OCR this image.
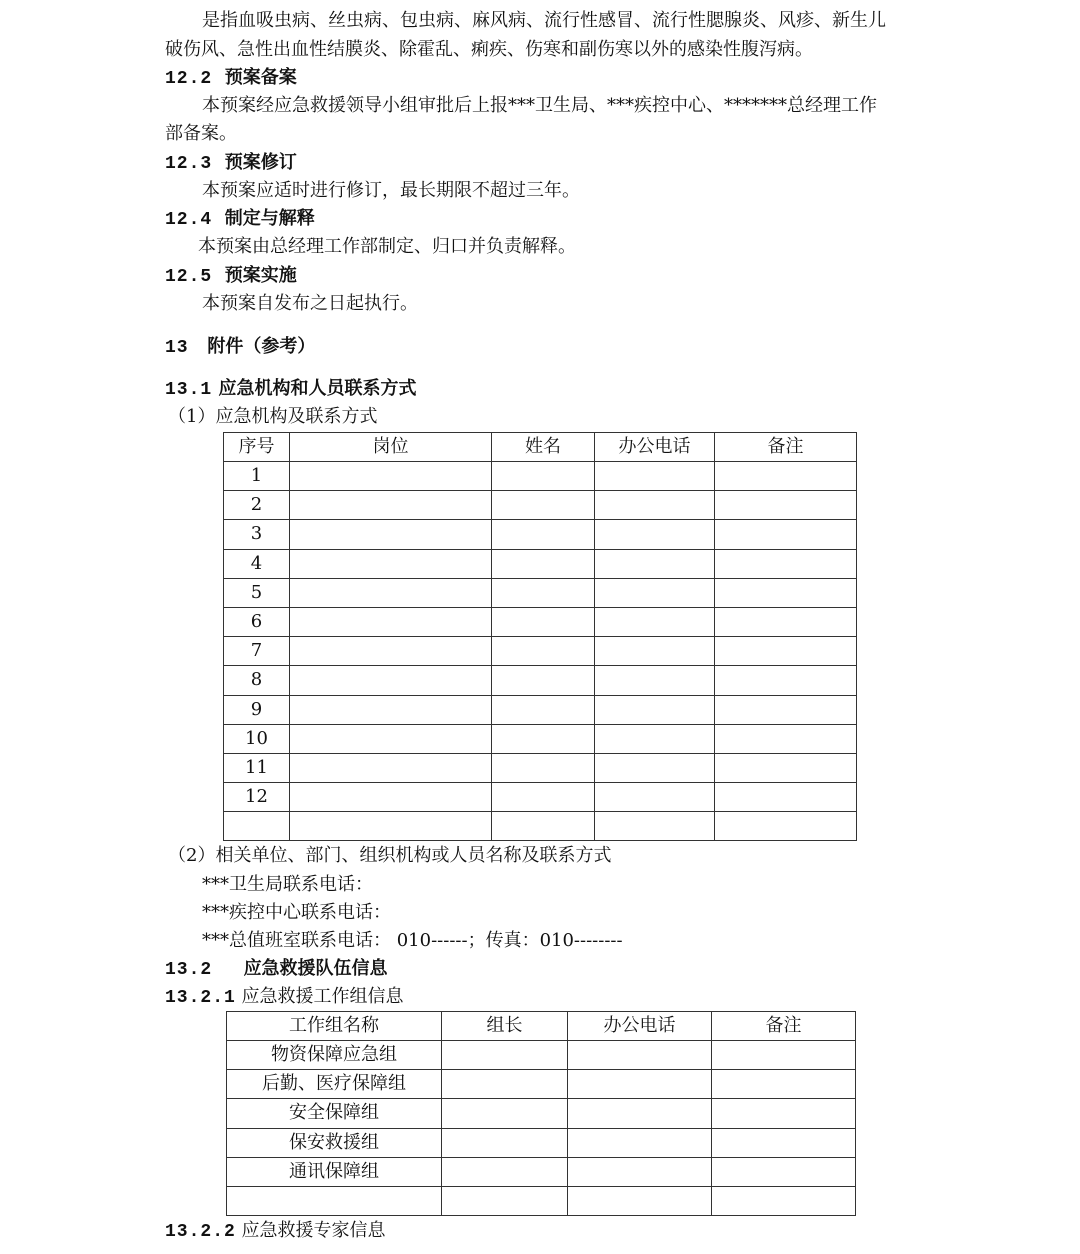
是指血吸虫病、丝虫病、包虫病、麻风病、流行性感冒、流行性腮腺炎、风疹、新生儿
破伤风、急性出血性结膜炎、除霍乱、痢疾、伤寒和副伤寒以外的感染性腹泻病。
12.2 预案备案
本预案经应急救援领导小组审批后上报***卫生局、***疾控中心、*******总经理工作
部备案。
12.3 预案修订
本预案应适时进行修订，最长期限不超过三年。
12.4 制定与解释
本预案由总经理工作部制定、归口并负责解释。
12.5 预案实施
本预案自发布之日起执行。
13 附件（参考）
13.1 应急机构和人员联系方式
（1）应急机构及联系方式
序号	岗位	姓名	办公电话	备注
1				
2				
3				
4				
5				
6				
7				
8				
9				
10				
11				
12				

（2）相关单位、部门、组织机构或人员名称及联系方式
***卫生局联系电话：
***疾控中心联系电话：
***总值班室联系电话： 010------；传真：010--------
13.2 应急救援队伍信息
13.2.1 应急救援工作组信息
工作组名称	组长	办公电话	备注
物资保障应急组			
后勤、医疗保障组			
安全保障组			
保安救援组			
通讯保障组			

13.2.2 应急救援专家信息
